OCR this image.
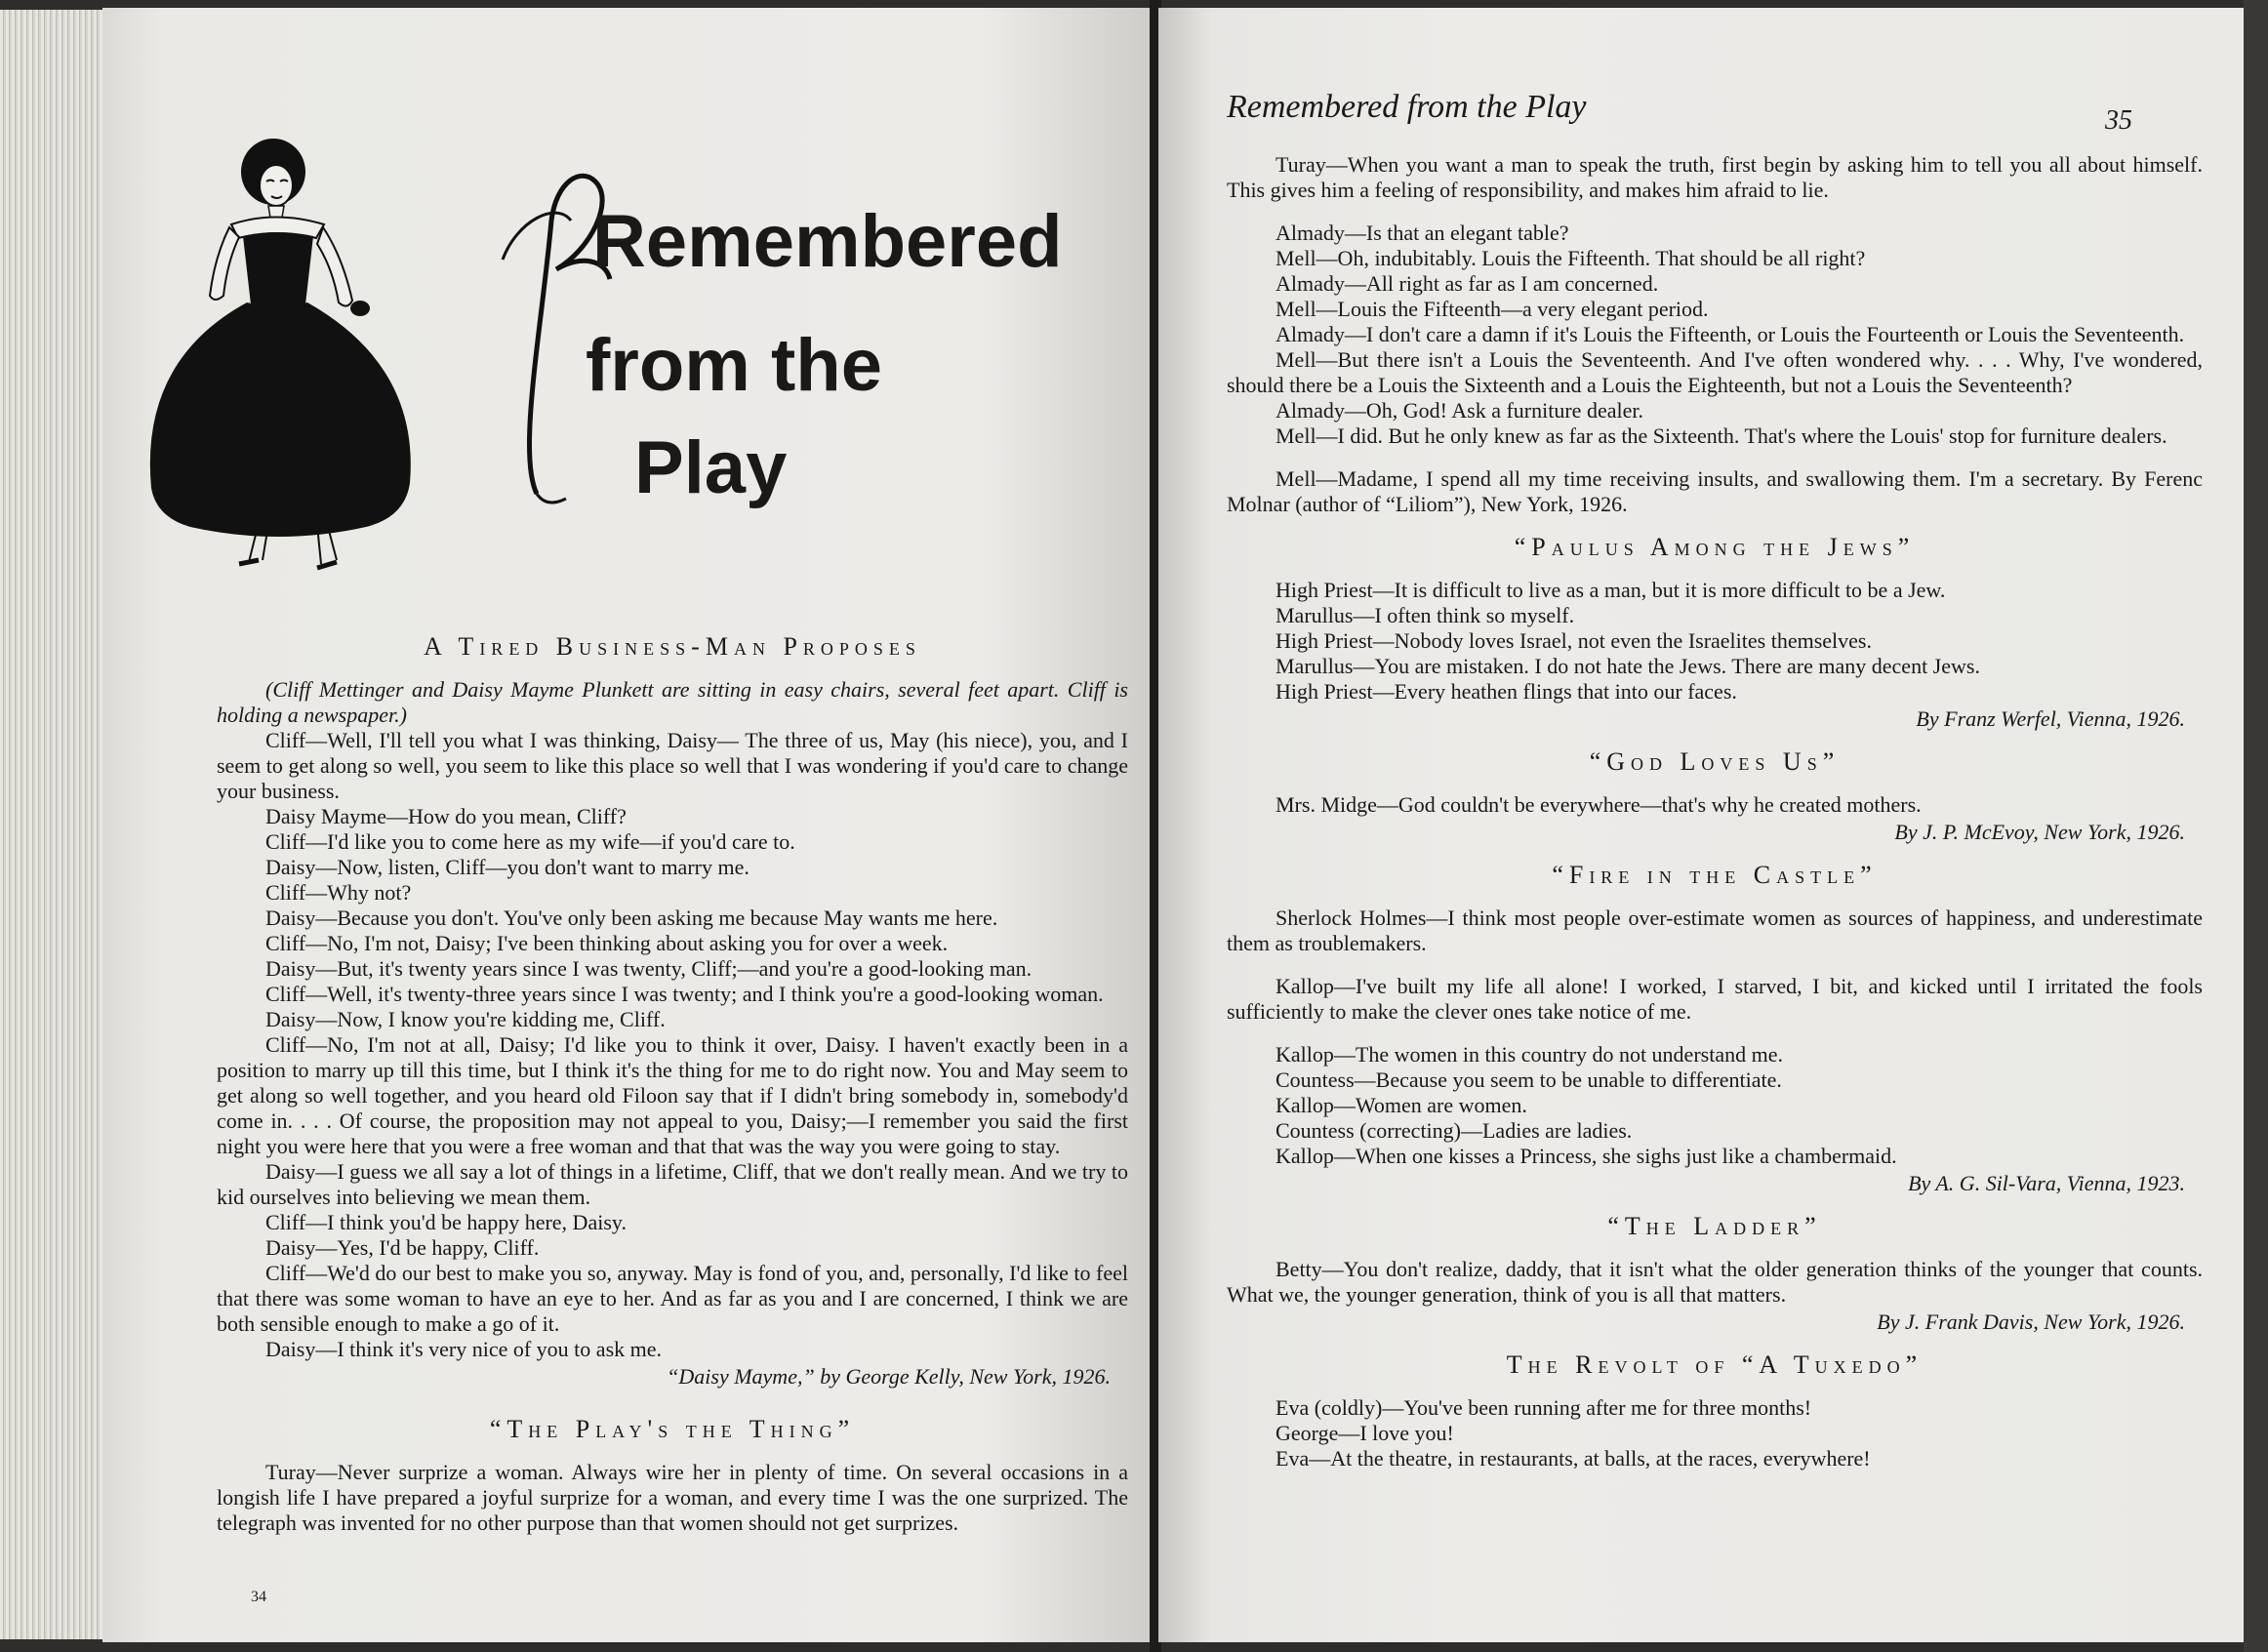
Remembered
from the
Play

A Tired Business-Man Proposes

(Cliff Mettinger and Daisy Mayme Plunkett are sitting in easy chairs, several feet apart. Cliff is holding a newspaper.)

Cliff—Well, I'll tell you what I was thinking, Daisy— The three of us, May (his niece), you, and I seem to get along so well, you seem to like this place so well that I was wondering if you'd care to change your business.

Daisy Mayme—How do you mean, Cliff?

Cliff—I'd like you to come here as my wife—if you'd care to.

Daisy—Now, listen, Cliff—you don't want to marry me.

Cliff—Why not?

Daisy—Because you don't. You've only been asking me because May wants me here.

Cliff—No, I'm not, Daisy; I've been thinking about asking you for over a week.

Daisy—But, it's twenty years since I was twenty, Cliff;—and you're a good-looking man.

Cliff—Well, it's twenty-three years since I was twenty; and I think you're a good-looking woman.

Daisy—Now, I know you're kidding me, Cliff.

Cliff—No, I'm not at all, Daisy; I'd like you to think it over, Daisy. I haven't exactly been in a position to marry up till this time, but I think it's the thing for me to do right now. You and May seem to get along so well together, and you heard old Filoon say that if I didn't bring somebody in, somebody'd come in. . . . Of course, the proposition may not appeal to you, Daisy;—I remember you said the first night you were here that you were a free woman and that that was the way you were going to stay.

Daisy—I guess we all say a lot of things in a lifetime, Cliff, that we don't really mean. And we try to kid ourselves into believing we mean them.

Cliff—I think you'd be happy here, Daisy.

Daisy—Yes, I'd be happy, Cliff.

Cliff—We'd do our best to make you so, anyway. May is fond of you, and, personally, I'd like to feel that there was some woman to have an eye to her. And as far as you and I are concerned, I think we are both sensible enough to make a go of it.

Daisy—I think it's very nice of you to ask me.

“Daisy Mayme,” by George Kelly, New York, 1926.

“The Play's the Thing”

Turay—Never surprize a woman. Always wire her in plenty of time. On several occasions in a longish life I have prepared a joyful surprize for a woman, and every time I was the one surprized. The telegraph was invented for no other purpose than that women should not get surprizes.

34
Remembered from the Play	35

Turay—When you want a man to speak the truth, first begin by asking him to tell you all about himself. This gives him a feeling of responsibility, and makes him afraid to lie.

Almady—Is that an elegant table?

Mell—Oh, indubitably. Louis the Fifteenth. That should be all right?

Almady—All right as far as I am concerned.

Mell—Louis the Fifteenth—a very elegant period.

Almady—I don't care a damn if it's Louis the Fifteenth, or Louis the Fourteenth or Louis the Seventeenth.

Mell—But there isn't a Louis the Seventeenth. And I've often wondered why. . . . Why, I've wondered, should there be a Louis the Sixteenth and a Louis the Eighteenth, but not a Louis the Seventeenth?

Almady—Oh, God! Ask a furniture dealer.

Mell—I did. But he only knew as far as the Sixteenth. That's where the Louis' stop for furniture dealers.

Mell—Madame, I spend all my time receiving insults, and swallowing them. I'm a secretary. By Ferenc Molnar (author of “Liliom”), New York, 1926.

“Paulus Among the Jews”

High Priest—It is difficult to live as a man, but it is more difficult to be a Jew.

Marullus—I often think so myself.

High Priest—Nobody loves Israel, not even the Israelites themselves.

Marullus—You are mistaken. I do not hate the Jews. There are many decent Jews.

High Priest—Every heathen flings that into our faces.

By Franz Werfel, Vienna, 1926.

“God Loves Us”

Mrs. Midge—God couldn't be everywhere—that's why he created mothers.

By J. P. McEvoy, New York, 1926.

“Fire in the Castle”

Sherlock Holmes—I think most people over-estimate women as sources of happiness, and underestimate them as troublemakers.

Kallop—I've built my life all alone! I worked, I starved, I bit, and kicked until I irritated the fools sufficiently to make the clever ones take notice of me.

Kallop—The women in this country do not understand me.

Countess—Because you seem to be unable to differentiate.

Kallop—Women are women.

Countess (correcting)—Ladies are ladies.

Kallop—When one kisses a Princess, she sighs just like a chambermaid.

By A. G. Sil-Vara, Vienna, 1923.

“The Ladder”

Betty—You don't realize, daddy, that it isn't what the older generation thinks of the younger that counts. What we, the younger generation, think of you is all that matters.

By J. Frank Davis, New York, 1926.

The Revolt of “A Tuxedo”

Eva (coldly)—You've been running after me for three months!

George—I love you!

Eva—At the theatre, in restaurants, at balls, at the races, everywhere!
